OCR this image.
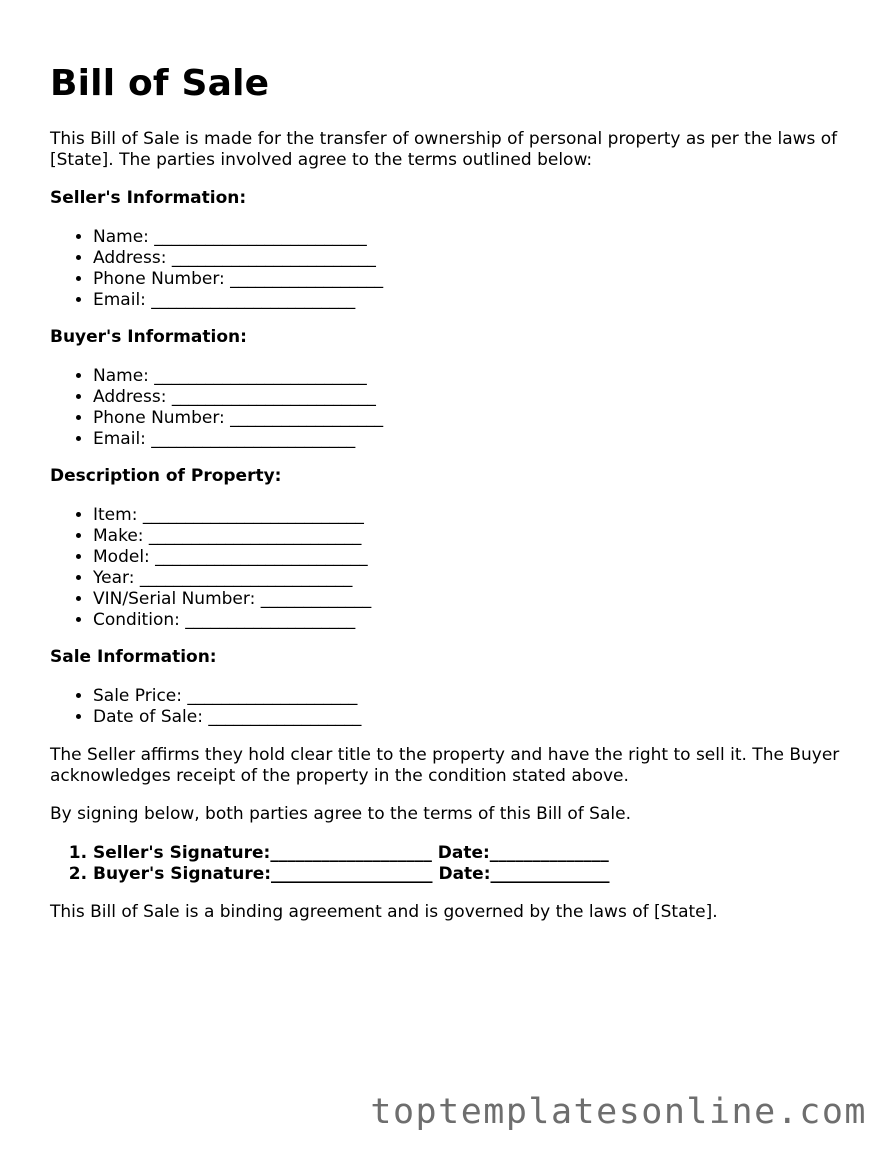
Bill of Sale

This Bill of Sale is made for the transfer of ownership of personal property as per the laws of [State]. The parties involved agree to the terms outlined below:

Seller's Information:
• Name: _________________________
• Address: ________________________
• Phone Number: __________________
• Email: ________________________
Buyer's Information:
• Name: _________________________
• Address: ________________________
• Phone Number: __________________
• Email: ________________________
Description of Property:
• Item: __________________________
• Make: _________________________
• Model: _________________________
• Year: _________________________
• VIN/Serial Number: _____________
• Condition: ____________________
Sale Information:
• Sale Price: ____________________
• Date of Sale: __________________

The Seller affirms they hold clear title to the property and have the right to sell it. The Buyer acknowledges receipt of the property in the condition stated above.

By signing below, both parties agree to the terms of this Bill of Sale.

1. Seller's Signature:___________________ Date:______________
2. Buyer's Signature:___________________ Date:______________

This Bill of Sale is a binding agreement and is governed by the laws of [State].

toptemplatesonline.com
